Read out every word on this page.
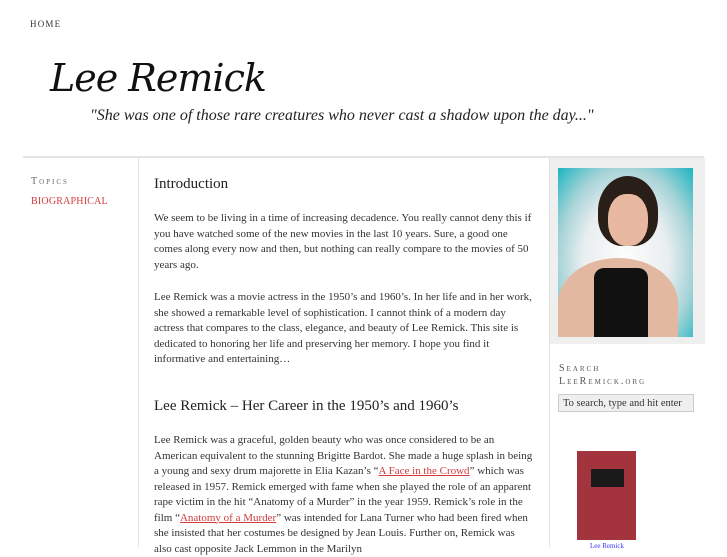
HOME
Lee Remick
"She was one of those rare creatures who never cast a shadow upon the day..."
Topics
BIOGRAPHICAL
Introduction

We seem to be living in a time of increasing decadence. You really cannot deny this if you have watched some of the new movies in the last 10 years. Sure, a good one comes along every now and then, but nothing can really compare to the movies of 50 years ago.

Lee Remick was a movie actress in the 1950’s and 1960’s. In her life and in her work, she showed a remarkable level of sophistication. I cannot think of a modern day actress that compares to the class, elegance, and beauty of Lee Remick. This site is dedicated to honoring her life and preserving her memory. I hope you find it informative and entertaining…

Lee Remick – Her Career in the 1950’s and 1960’s

Lee Remick was a graceful, golden beauty who was once considered to be an American equivalent to the stunning Brigitte Bardot. She made a huge splash in being a young and sexy drum majorette in Elia Kazan’s “A Face in the Crowd” which was released in 1957. Remick emerged with fame when she played the role of an apparent rape victim in the hit “Anatomy of a Murder” in the year 1959. Remick’s role in the film “Anatomy of a Murder” was intended for Lana Turner who had been fired when she insisted that her costumes be designed by Jean Louis. Further on, Remick was also cast opposite Jack Lemmon in the Marilyn

Search
LeeRemick.org
To search, type and hit enter
Lee Remick
